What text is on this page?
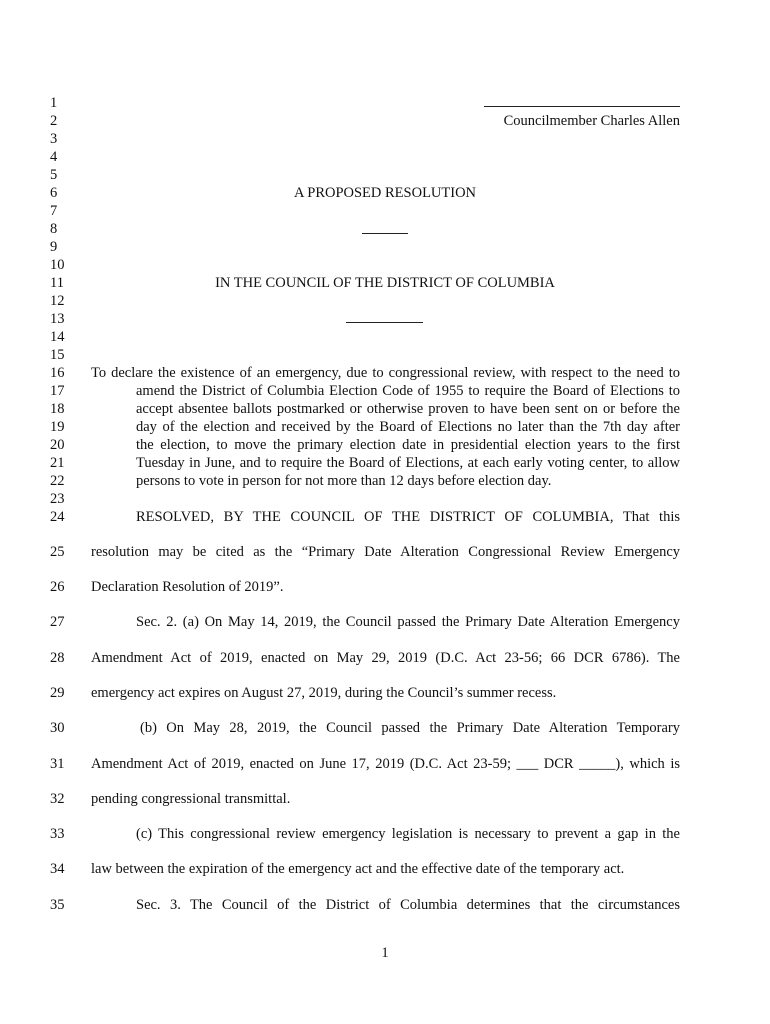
1
2
3
4
5
6
7
8
9
10
11
12
13
14
15
16
17
18
19
20
21
22
23
24
25
26
27
28
29
30
31
32
33
34
35
Councilmember Charles Allen
A PROPOSED RESOLUTION
IN THE COUNCIL OF THE DISTRICT OF COLUMBIA
To declare the existence of an emergency, due to congressional review, with respect to the need to
amend the District of Columbia Election Code of 1955 to require the Board of Elections to
accept absentee ballots postmarked or otherwise proven to have been sent on or before the
day of the election and received by the Board of Elections no later than the 7th day after
the election, to move the primary election date in presidential election years to the first
Tuesday in June, and to require the Board of Elections, at each early voting center, to allow
persons to vote in person for not more than 12 days before election day.
RESOLVED, BY THE COUNCIL OF THE DISTRICT OF COLUMBIA, That this
resolution may be cited as the “Primary Date Alteration Congressional Review Emergency
Declaration Resolution of 2019”.
Sec. 2. (a) On May 14, 2019, the Council passed the Primary Date Alteration Emergency
Amendment Act of 2019, enacted on May 29, 2019 (D.C. Act 23-56; 66 DCR 6786). The
emergency act expires on August 27, 2019, during the Council’s summer recess.
(b) On May 28, 2019, the Council passed the Primary Date Alteration Temporary
Amendment Act of 2019, enacted on June 17, 2019 (D.C. Act 23-59; ___ DCR _____), which is
pending congressional transmittal.
(c) This congressional review emergency legislation is necessary to prevent a gap in the
law between the expiration of the emergency act and the effective date of the temporary act.
Sec. 3. The Council of the District of Columbia determines that the circumstances
1
